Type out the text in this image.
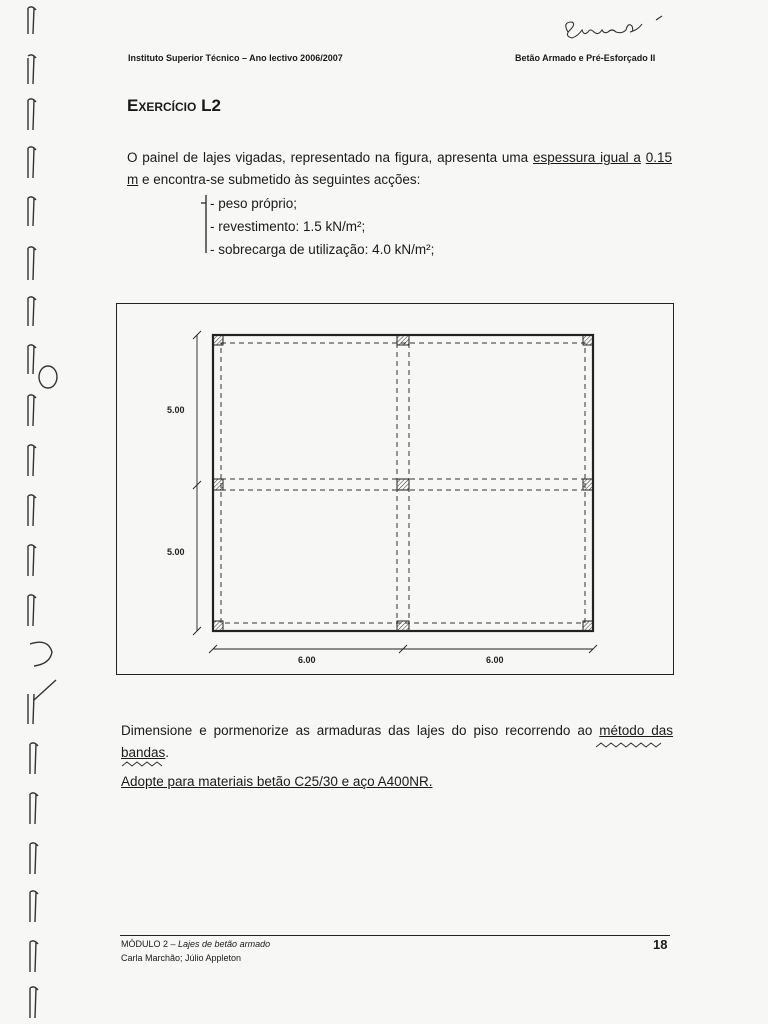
Instituto Superior Técnico – Ano lectivo 2006/2007	Betão Armado e Pré-Esforçado II
Exercício L2
O painel de lajes vigadas, representado na figura, apresenta uma espessura igual a 0.15 m e encontra-se submetido às seguintes acções:
- peso próprio;
- revestimento: 1.5 kN/m²;
- sobrecarga de utilização: 4.0 kN/m²;
5.00
5.00
6.00	6.00
Dimensione e pormenorize as armaduras das lajes do piso recorrendo ao método das bandas.
Adopte para materiais betão C25/30 e aço A400NR.
MÓDULO 2 – Lajes de betão armado
Carla Marchão; Júlio Appleton
18
